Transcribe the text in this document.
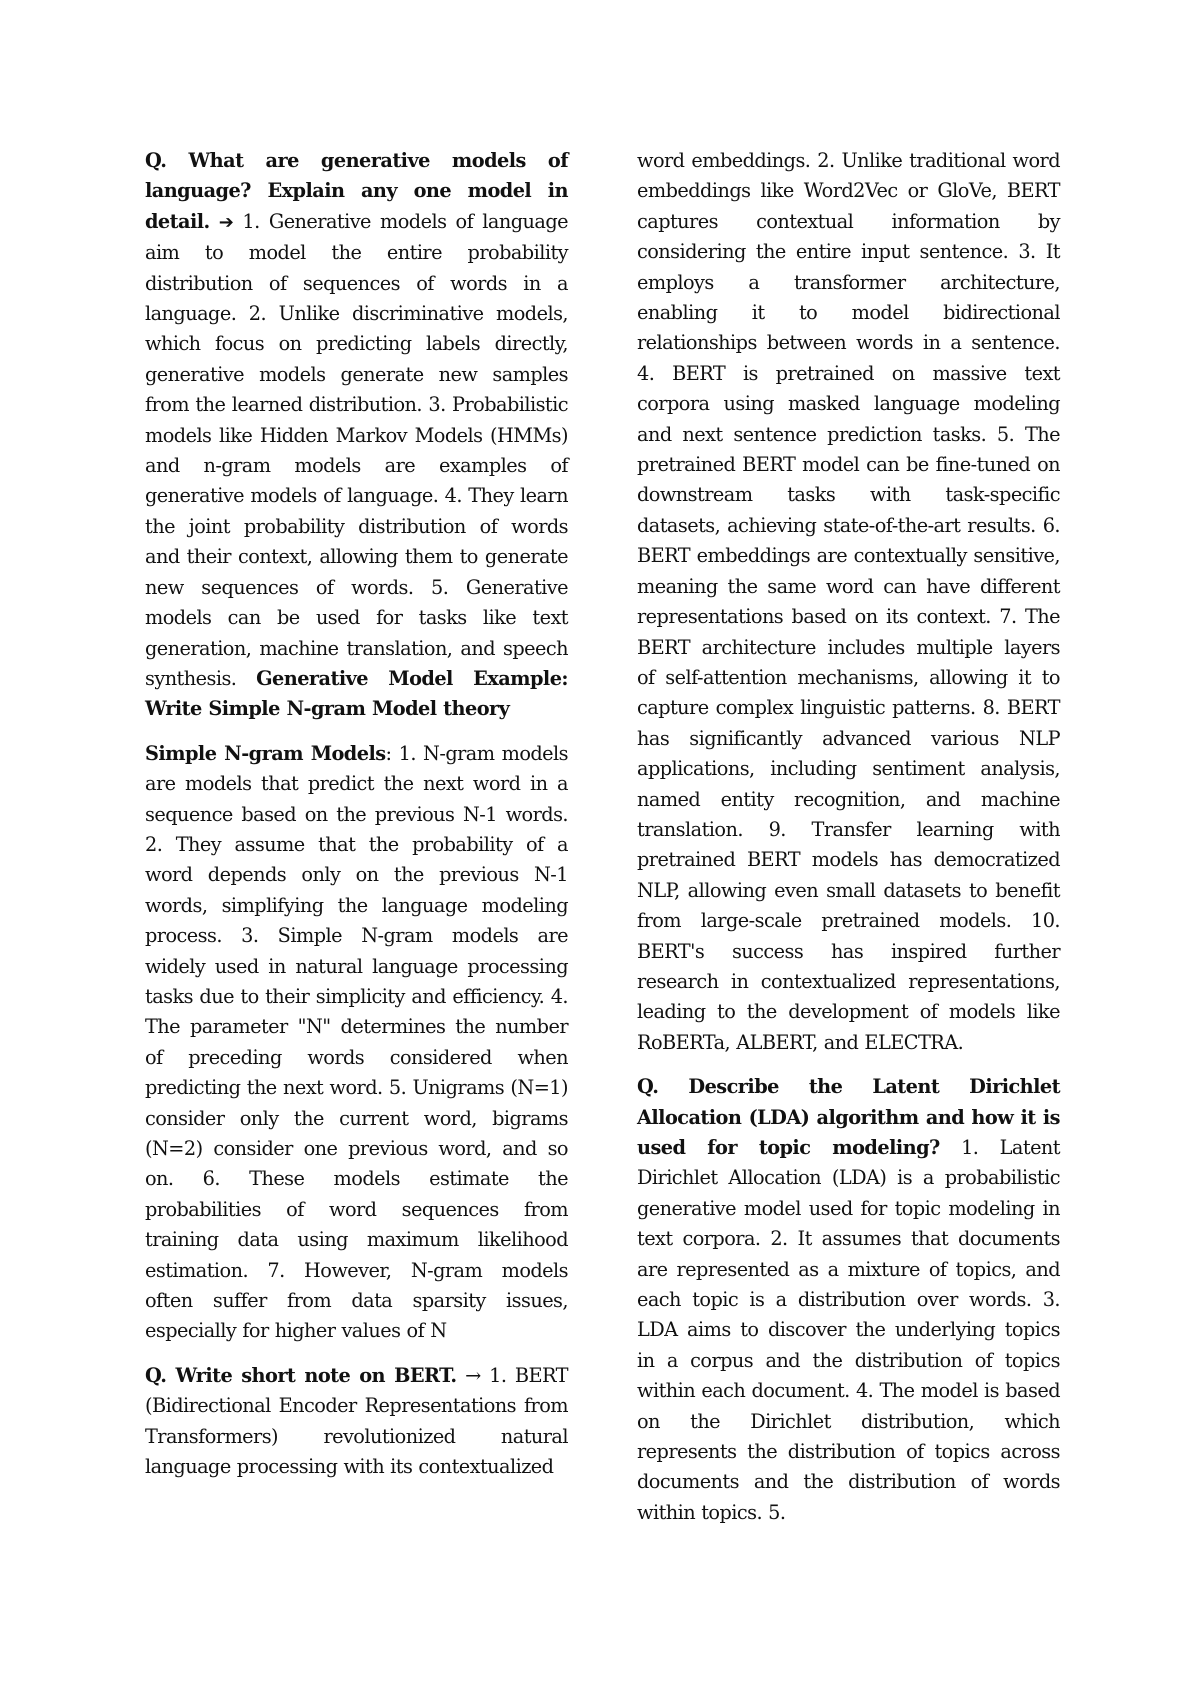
Q. What are generative models of language? Explain any one model in detail. ➔ 1. Generative models of language aim to model the entire probability distribution of sequences of words in a language. 2. Unlike discriminative models, which focus on predicting labels directly, generative models generate new samples from the learned distribution. 3. Probabilistic models like Hidden Markov Models (HMMs) and n-gram models are examples of generative models of language. 4. They learn the joint probability distribution of words and their context, allowing them to generate new sequences of words. 5. Generative models can be used for tasks like text generation, machine translation, and speech synthesis. Generative Model Example: Write Simple N-gram Model theory

Simple N-gram Models: 1. N-gram models are models that predict the next word in a sequence based on the previous N-1 words. 2. They assume that the probability of a word depends only on the previous N-1 words, simplifying the language modeling process. 3. Simple N-gram models are widely used in natural language processing tasks due to their simplicity and efficiency. 4. The parameter "N" determines the number of preceding words considered when predicting the next word. 5. Unigrams (N=1) consider only the current word, bigrams (N=2) consider one previous word, and so on. 6. These models estimate the probabilities of word sequences from training data using maximum likelihood estimation. 7. However, N-gram models often suffer from data sparsity issues, especially for higher values of N

Q. Write short note on BERT. → 1. BERT (Bidirectional Encoder Representations from Transformers) revolutionized natural language processing with its contextualized

word embeddings. 2. Unlike traditional word embeddings like Word2Vec or GloVe, BERT captures contextual information by considering the entire input sentence. 3. It employs a transformer architecture, enabling it to model bidirectional relationships between words in a sentence. 4. BERT is pretrained on massive text corpora using masked language modeling and next sentence prediction tasks. 5. The pretrained BERT model can be fine-tuned on downstream tasks with task-specific datasets, achieving state-of-the-art results. 6. BERT embeddings are contextually sensitive, meaning the same word can have different representations based on its context. 7. The BERT architecture includes multiple layers of self-attention mechanisms, allowing it to capture complex linguistic patterns. 8. BERT has significantly advanced various NLP applications, including sentiment analysis, named entity recognition, and machine translation. 9. Transfer learning with pretrained BERT models has democratized NLP, allowing even small datasets to benefit from large-scale pretrained models. 10. BERT's success has inspired further research in contextualized representations, leading to the development of models like RoBERTa, ALBERT, and ELECTRA.

Q. Describe the Latent Dirichlet Allocation (LDA) algorithm and how it is used for topic modeling? 1. Latent Dirichlet Allocation (LDA) is a probabilistic generative model used for topic modeling in text corpora. 2. It assumes that documents are represented as a mixture of topics, and each topic is a distribution over words. 3. LDA aims to discover the underlying topics in a corpus and the distribution of topics within each document. 4. The model is based on the Dirichlet distribution, which represents the distribution of topics across documents and the distribution of words within topics. 5.
